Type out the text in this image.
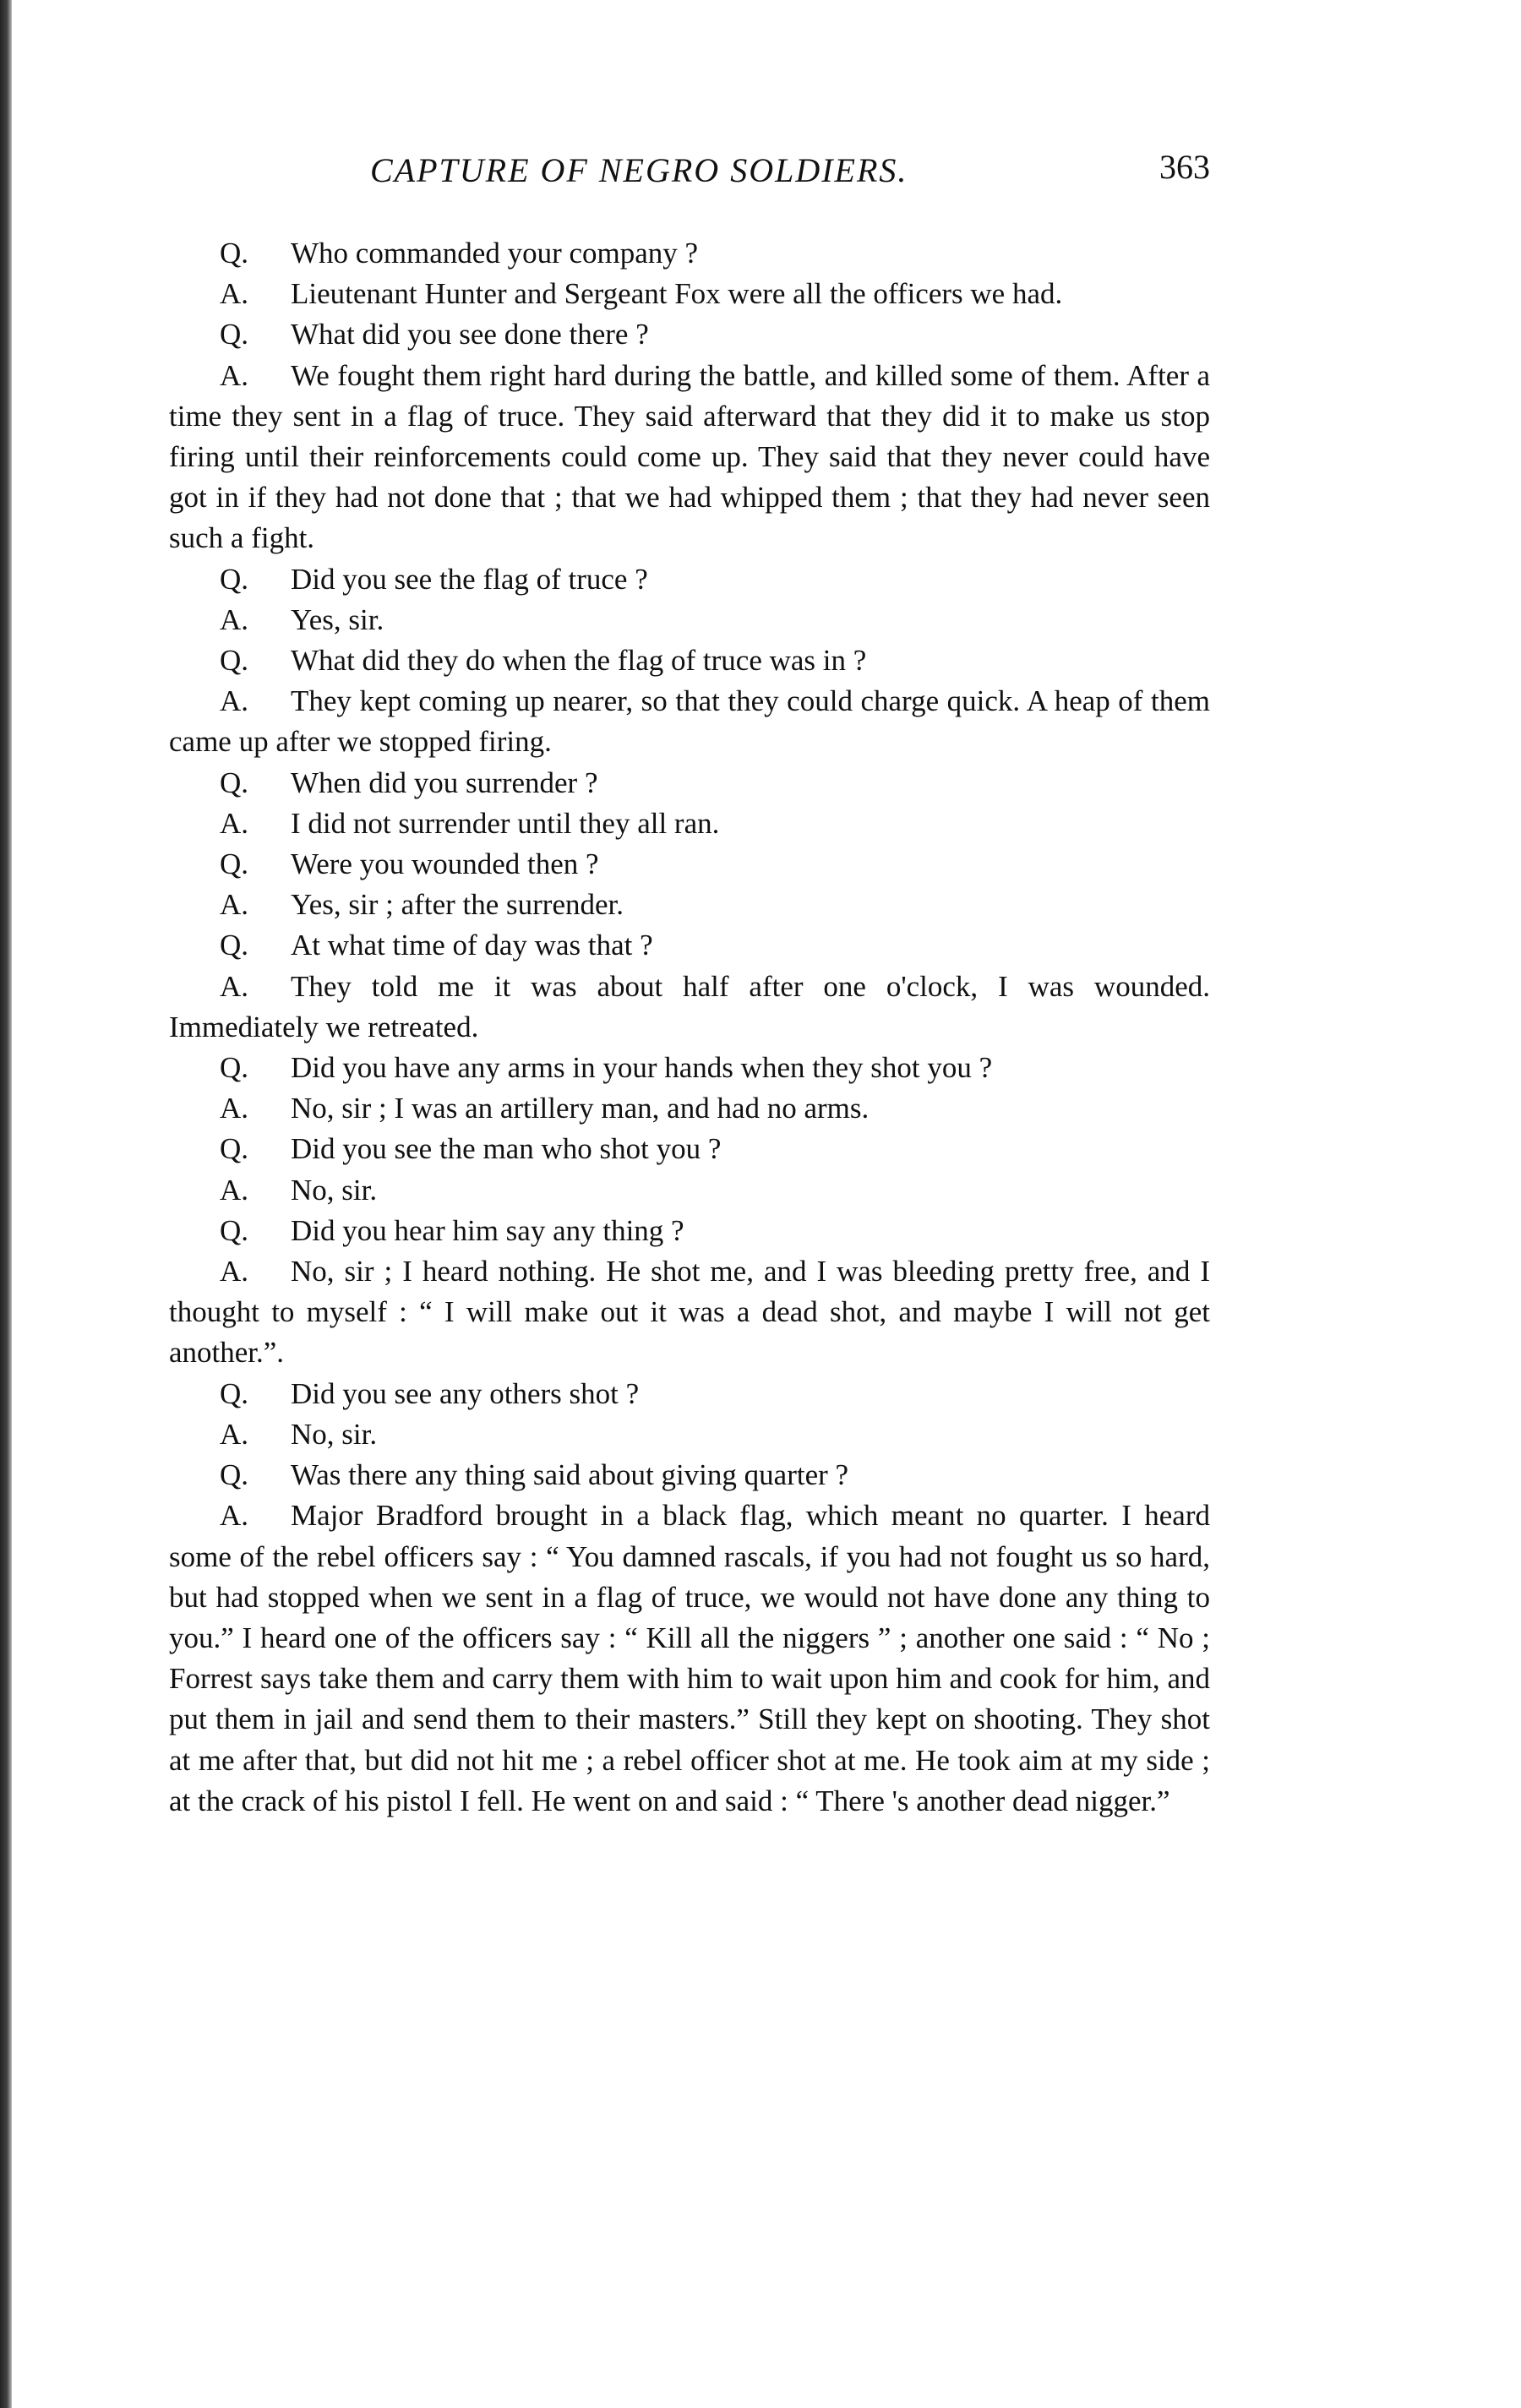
CAPTURE OF NEGRO SOLDIERS.	363

Q. Who commanded your company ?

A. Lieutenant Hunter and Sergeant Fox were all the officers we had.

Q. What did you see done there ?

A. We fought them right hard during the battle, and killed some of them. After a time they sent in a flag of truce. They said afterward that they did it to make us stop firing until their reinforcements could come up. They said that they never could have got in if they had not done that ; that we had whipped them ; that they had never seen such a fight.

Q. Did you see the flag of truce ?

A. Yes, sir.

Q. What did they do when the flag of truce was in ?

A. They kept coming up nearer, so that they could charge quick. A heap of them came up after we stopped firing.

Q. When did you surrender ?

A. I did not surrender until they all ran.

Q. Were you wounded then ?

A. Yes, sir ; after the surrender.

Q. At what time of day was that ?

A. They told me it was about half after one o'clock, I was wounded. Immediately we retreated.

Q. Did you have any arms in your hands when they shot you ?

A. No, sir ; I was an artillery man, and had no arms.

Q. Did you see the man who shot you ?

A. No, sir.

Q. Did you hear him say any thing ?

A. No, sir ; I heard nothing. He shot me, and I was bleeding pretty free, and I thought to myself : “ I will make out it was a dead shot, and maybe I will not get another.”.

Q. Did you see any others shot ?

A. No, sir.

Q. Was there any thing said about giving quarter ?

A. Major Bradford brought in a black flag, which meant no quarter. I heard some of the rebel officers say : “ You damned rascals, if you had not fought us so hard, but had stopped when we sent in a flag of truce, we would not have done any thing to you.” I heard one of the officers say : “ Kill all the niggers ” ; another one said : “ No ; Forrest says take them and carry them with him to wait upon him and cook for him, and put them in jail and send them to their masters.” Still they kept on shooting. They shot at me after that, but did not hit me ; a rebel officer shot at me. He took aim at my side ; at the crack of his pistol I fell. He went on and said : “ There 's another dead nigger.”
